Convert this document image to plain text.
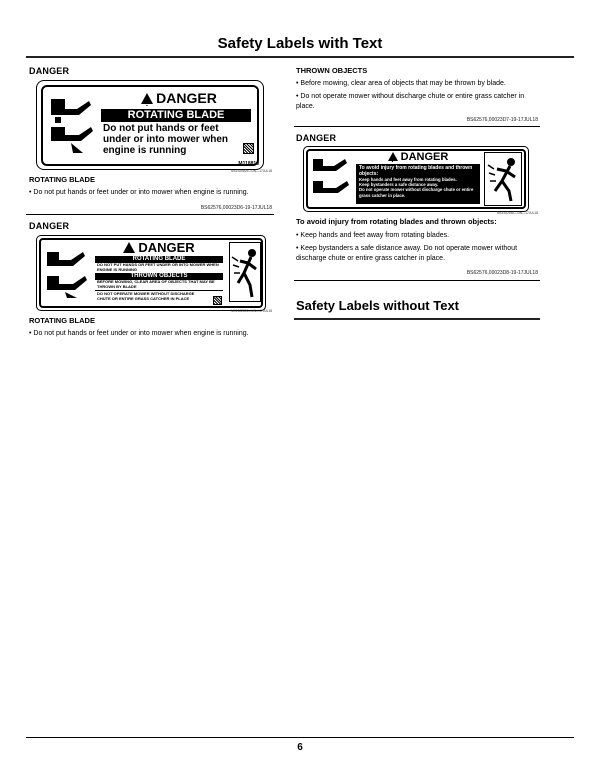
Safety Labels with Text
DANGER
!DANGER
ROTATING BLADE
Do not put hands or feet
under or into mower when
engine is running
M118810
MX1920829—UN—17JUL18
ROTATING BLADE
• Do not put hands or feet under or into mower when engine is running.
BS62576,00023D6-19-17JUL18
DANGER
!DANGER
ROTATING BLADE
DO NOT PUT HANDS OR FEET UNDER OR INTO MOWER WHEN ENGINE IS RUNNING
THROWN OBJECTS
BEFORE MOWING, CLEAR AREA OF OBJECTS THAT MAY BE THROWN BY BLADE
DO NOT OPERATE MOWER WITHOUT DISCHARGE CHUTE OR ENTIRE GRASS CATCHER IN PLACE
MX1922801—UN—17JUL18
ROTATING BLADE
• Do not put hands or feet under or into mower when engine is running.
THROWN OBJECTS
• Before mowing, clear area of objects that may be thrown by blade.
• Do not operate mower without discharge chute or entire grass catcher in place.
BS62576,00023D7-19-17JUL18
DANGER
!DANGER
To avoid injury from rotating blades and thrown objects:
Keep hands and feet away from rotating blades.
Keep bystanders a safe distance away.
Do not operate mower without discharge chute or entire grass catcher in place.
MX1922552—UN—17JUL18
To avoid injury from rotating blades and thrown objects:
• Keep hands and feet away from rotating blades.
• Keep bystanders a safe distance away. Do not operate mower without discharge chute or entire grass catcher in place.
BS62576,00023D8-19-17JUL18
Safety Labels without Text
6
